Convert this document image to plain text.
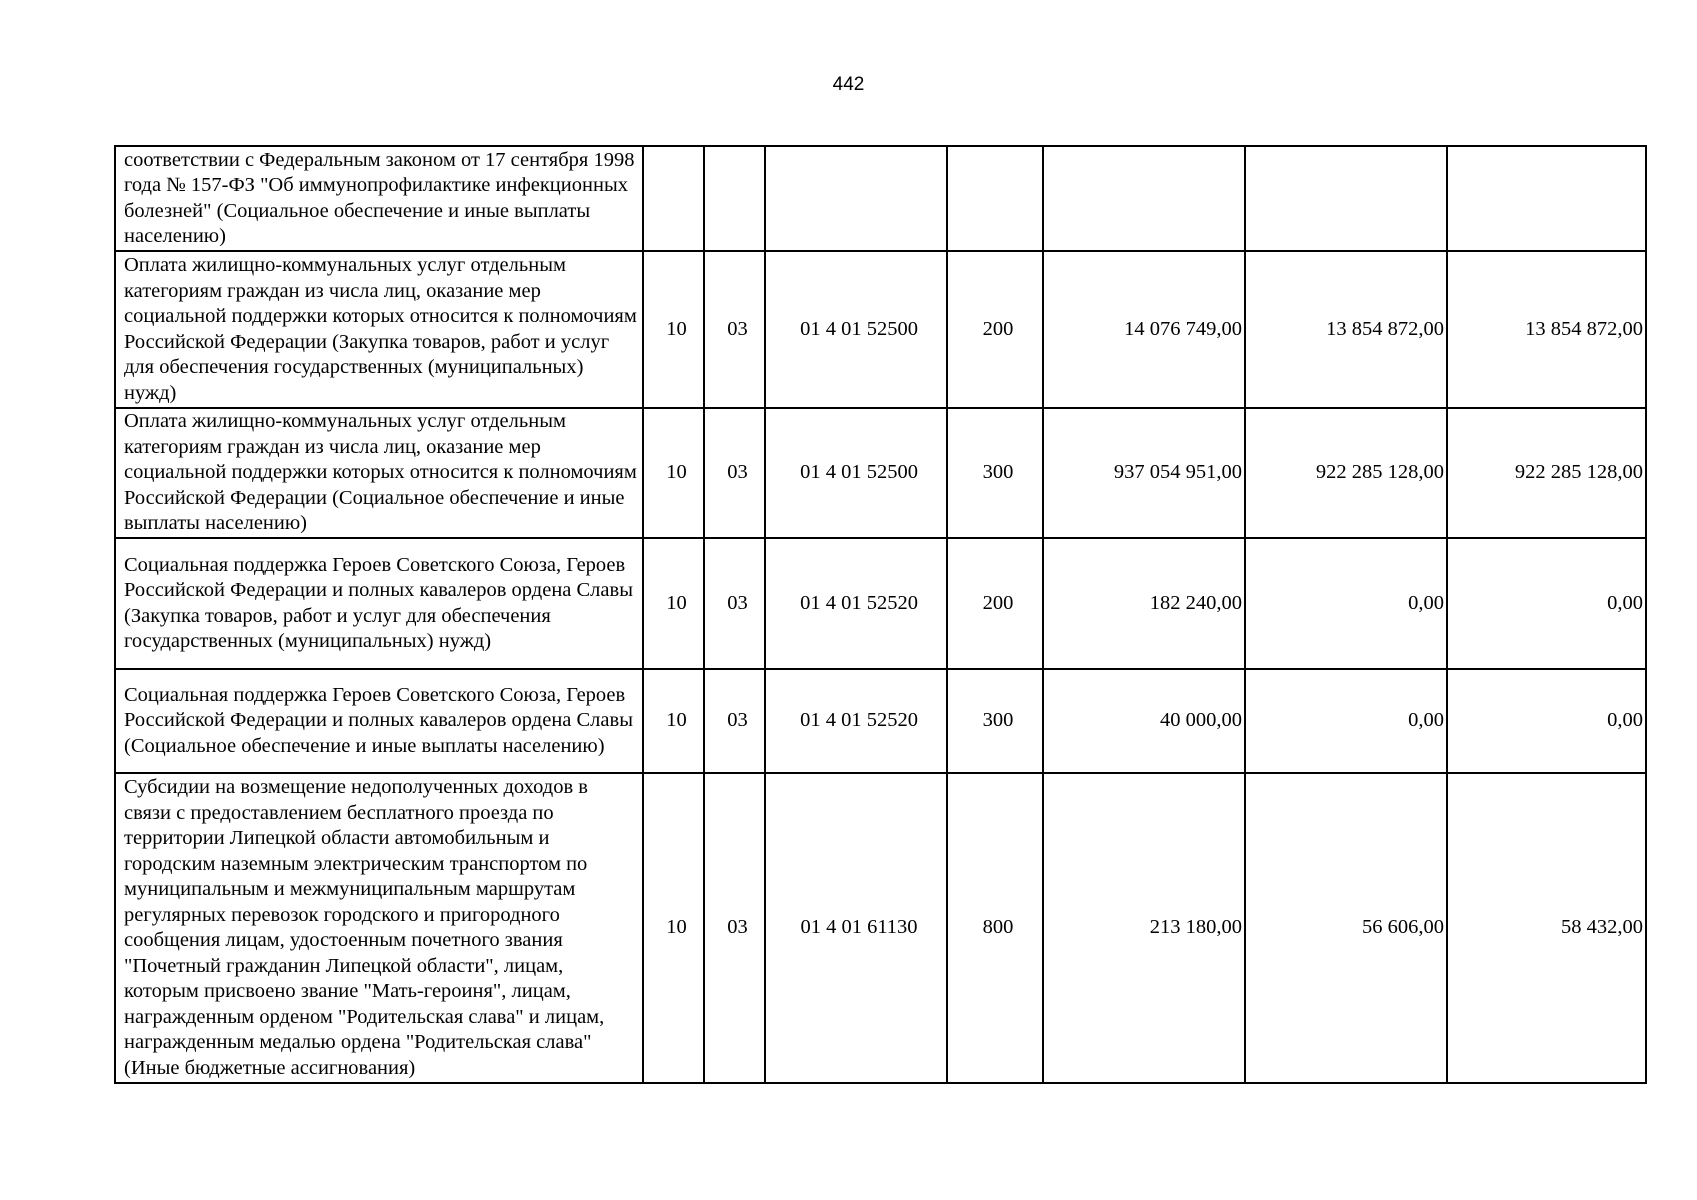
442
соответствии с Федеральным законом от 17 сентября 1998 года № 157-ФЗ "Об иммунопрофилактике инфекционных болезней" (Социальное обеспечение и иные выплаты населению)							
Оплата жилищно-коммунальных услуг отдельным категориям граждан из числа лиц, оказание мер социальной поддержки которых относится к полномочиям Российской Федерации (Закупка товаров, работ и услуг для обеспечения государственных (муниципальных) нужд)	10	03	01 4 01 52500	200	14 076 749,00	13 854 872,00	13 854 872,00
Оплата жилищно-коммунальных услуг отдельным категориям граждан из числа лиц, оказание мер социальной поддержки которых относится к полномочиям Российской Федерации (Социальное обеспечение и иные выплаты населению)	10	03	01 4 01 52500	300	937 054 951,00	922 285 128,00	922 285 128,00
Социальная поддержка Героев Советского Союза, Героев Российской Федерации и полных кавалеров ордена Славы (Закупка товаров, работ и услуг для обеспечения государственных (муниципальных) нужд)	10	03	01 4 01 52520	200	182 240,00	0,00	0,00
Социальная поддержка Героев Советского Союза, Героев Российской Федерации и полных кавалеров ордена Славы (Социальное обеспечение и иные выплаты населению)	10	03	01 4 01 52520	300	40 000,00	0,00	0,00
Субсидии на возмещение недополученных доходов в связи с предоставлением бесплатного проезда по территории Липецкой области автомобильным и городским наземным электрическим транспортом по муниципальным и межмуниципальным маршрутам регулярных перевозок городского и пригородного сообщения лицам, удостоенным почетного звания "Почетный гражданин Липецкой области", лицам, которым присвоено звание "Мать-героиня", лицам, награжденным орденом "Родительская слава" и лицам, награжденным медалью ордена "Родительская слава" (Иные бюджетные ассигнования)	10	03	01 4 01 61130	800	213 180,00	56 606,00	58 432,00
